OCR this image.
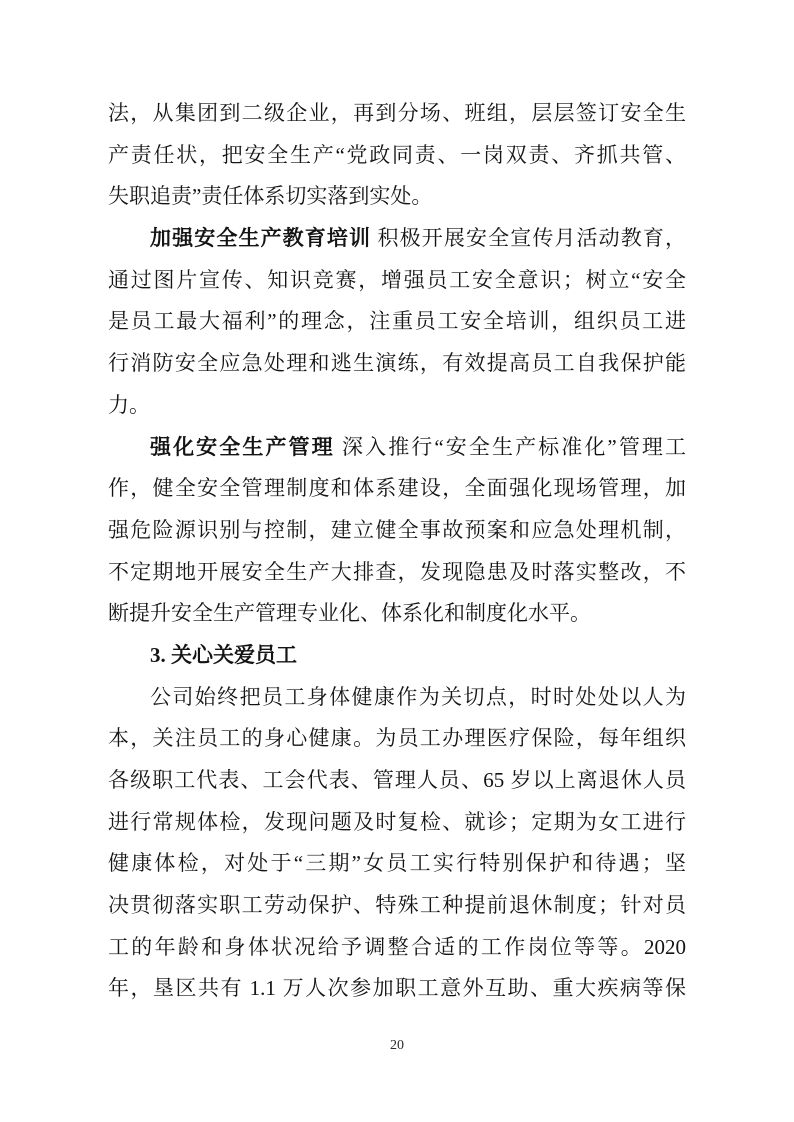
法，从集团到二级企业，再到分场、班组，层层签订安全生
产责任状，把安全生产“党政同责、一岗双责、齐抓共管、
失职追责”责任体系切实落到实处。
加强安全生产教育培训 积极开展安全宣传月活动教育，
通过图片宣传、知识竞赛，增强员工安全意识；树立“安全
是员工最大福利”的理念，注重员工安全培训，组织员工进
行消防安全应急处理和逃生演练，有效提高员工自我保护能
力。
强化安全生产管理 深入推行“安全生产标准化”管理工
作，健全安全管理制度和体系建设，全面强化现场管理，加
强危险源识别与控制，建立健全事故预案和应急处理机制，
不定期地开展安全生产大排查，发现隐患及时落实整改，不
断提升安全生产管理专业化、体系化和制度化水平。
3. 关心关爱员工
公司始终把员工身体健康作为关切点，时时处处以人为
本，关注员工的身心健康。为员工办理医疗保险，每年组织
各级职工代表、工会代表、管理人员、65 岁以上离退休人员
进行常规体检，发现问题及时复检、就诊；定期为女工进行
健康体检，对处于“三期”女员工实行特别保护和待遇；坚
决贯彻落实职工劳动保护、特殊工种提前退休制度；针对员
工的年龄和身体状况给予调整合适的工作岗位等等。2020
年，垦区共有 1.1 万人次参加职工意外互助、重大疾病等保
20
